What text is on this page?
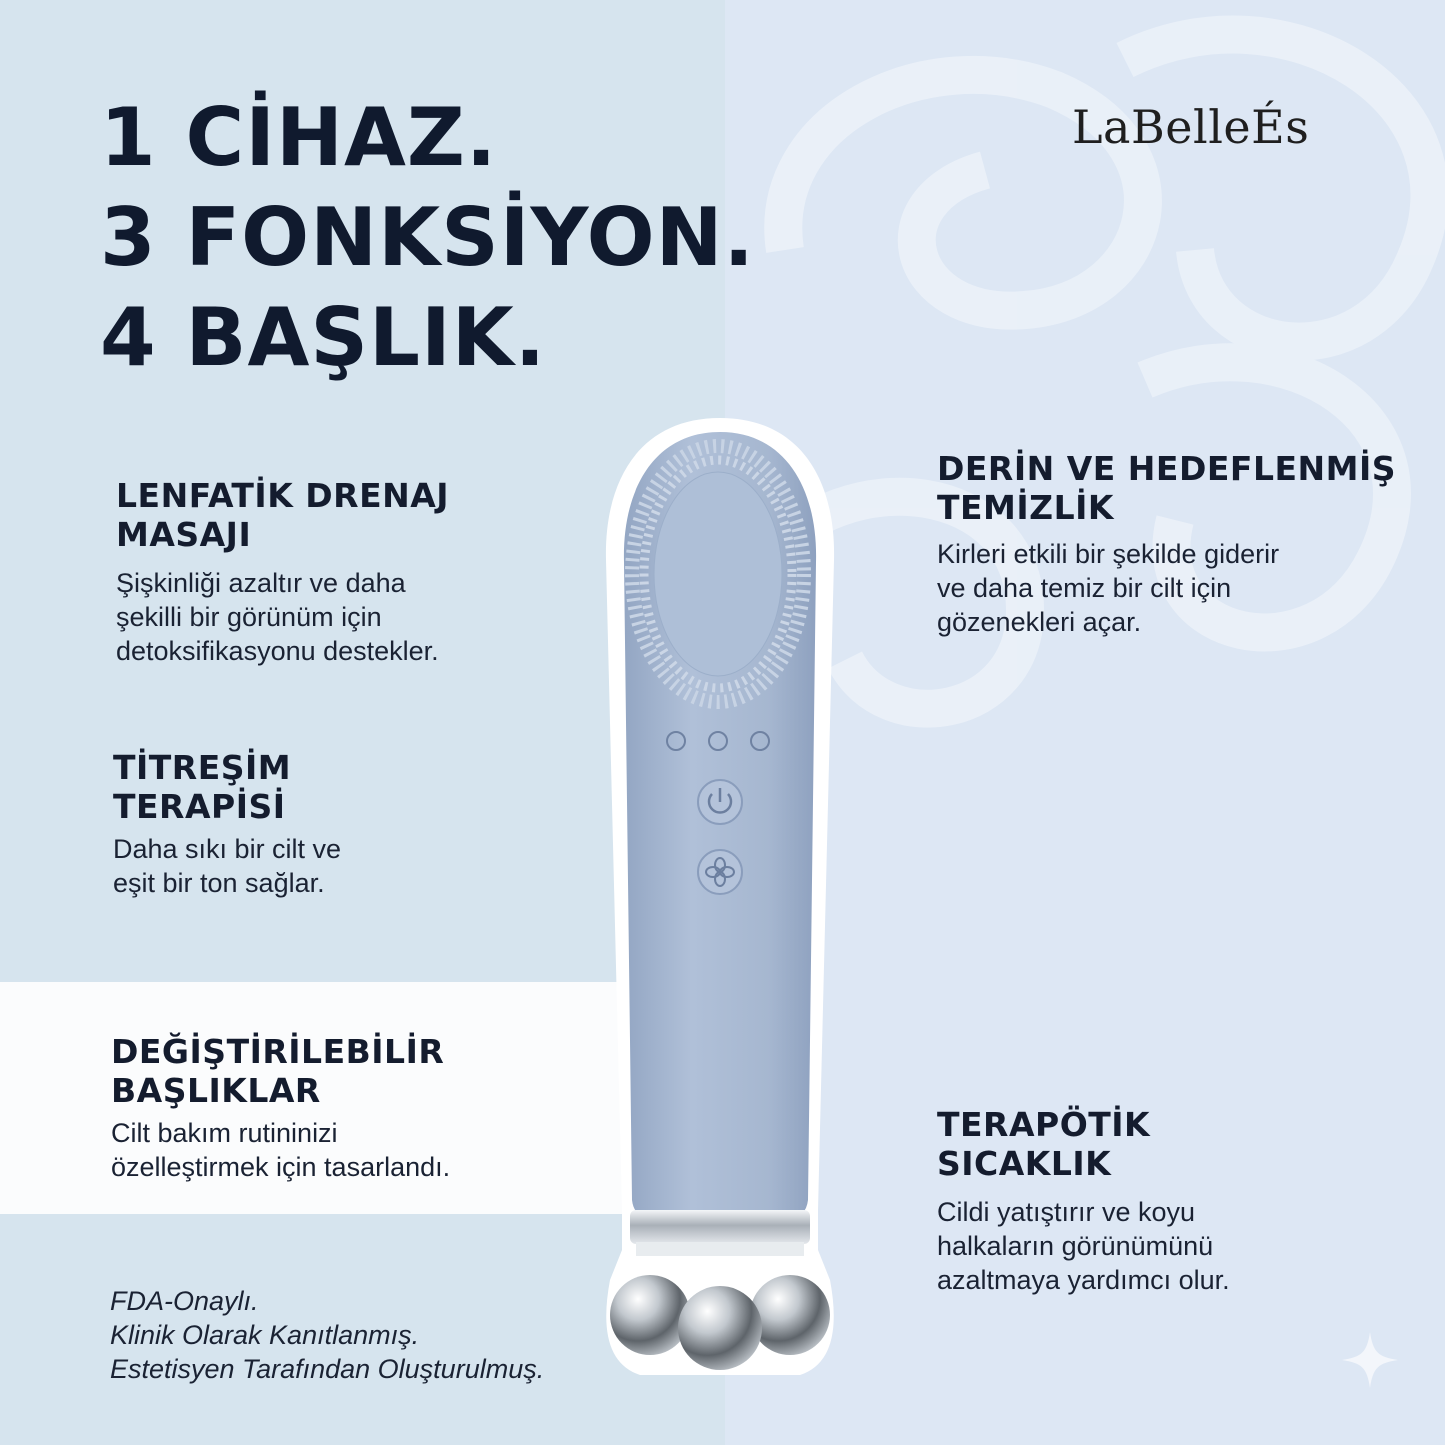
1 CİHAZ.
3 FONKSİYON.
4 BAŞLIK.
LaBelleÉs
LENFATİK DRENAJ
MASAJI

Şişkinliği azaltır ve daha
şekilli bir görünüm için
detoksifikasyonu destekler.

TİTREŞİM
TERAPİSİ

Daha sıkı bir cilt ve
eşit bir ton sağlar.

DEĞİŞTİRİLEBİLİR
BAŞLIKLAR

Cilt bakım rutininizi
özelleştirmek için tasarlandı.

DERİN VE HEDEFLENMİŞ
TEMİZLİK

Kirleri etkili bir şekilde giderir
ve daha temiz bir cilt için
gözenekleri açar.

TERAPÖTİK
SICAKLIK

Cildi yatıştırır ve koyu
halkaların görünümünü
azaltmaya yardımcı olur.

FDA-Onaylı.
Klinik Olarak Kanıtlanmış.
Estetisyen Tarafından Oluşturulmuş.
